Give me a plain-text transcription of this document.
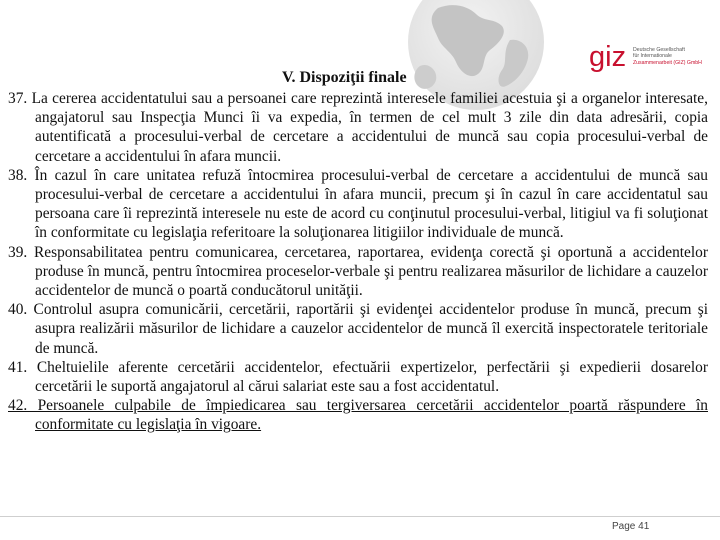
giz Deutsche Gesellschaft
für Internationale
Zusammenarbeit (GIZ) GmbH
V. Dispoziţii finale

37. La cererea accidentatului sau a persoanei care reprezintă interesele familiei acestuia şi a organelor interesate, angajatorul sau Inspecţia Munci îi va expedia, în termen de cel mult 3 zile din data adresării, copia autentificată a procesului-verbal de cercetare a accidentului de muncă sau copia procesului-verbal de cercetare a accidentului în afara muncii.

38. În cazul în care unitatea refuză întocmirea procesului-verbal de cercetare a accidentului de muncă sau procesului-verbal de cercetare a accidentului în afara muncii, precum şi în cazul în care accidentatul sau persoana care îi reprezintă interesele nu este de acord cu conţinutul procesului-verbal, litigiul va fi soluţionat în conformitate cu legislaţia referitoare la soluţionarea litigiilor individuale de muncă.

39. Responsabilitatea pentru comunicarea, cercetarea, raportarea, evidenţa corectă şi oportună a accidentelor produse în muncă, pentru întocmirea proceselor-verbale şi pentru realizarea măsurilor de lichidare a cauzelor accidentelor de muncă o poartă conducătorul unităţii.

40. Controlul asupra comunicării, cercetării, raportării şi evidenţei accidentelor produse în muncă, precum şi asupra realizării măsurilor de lichidare a cauzelor accidentelor de muncă îl exercită inspectoratele teritoriale de muncă.

41. Cheltuielile aferente cercetării accidentelor, efectuării expertizelor, perfectării şi expedierii dosarelor cercetării le suportă angajatorul al cărui salariat este sau a fost accidentatul.

42. Persoanele culpabile de împiedicarea sau tergiversarea cercetării accidentelor poartă răspundere în conformitate cu legislaţia în vigoare.

Page 41
